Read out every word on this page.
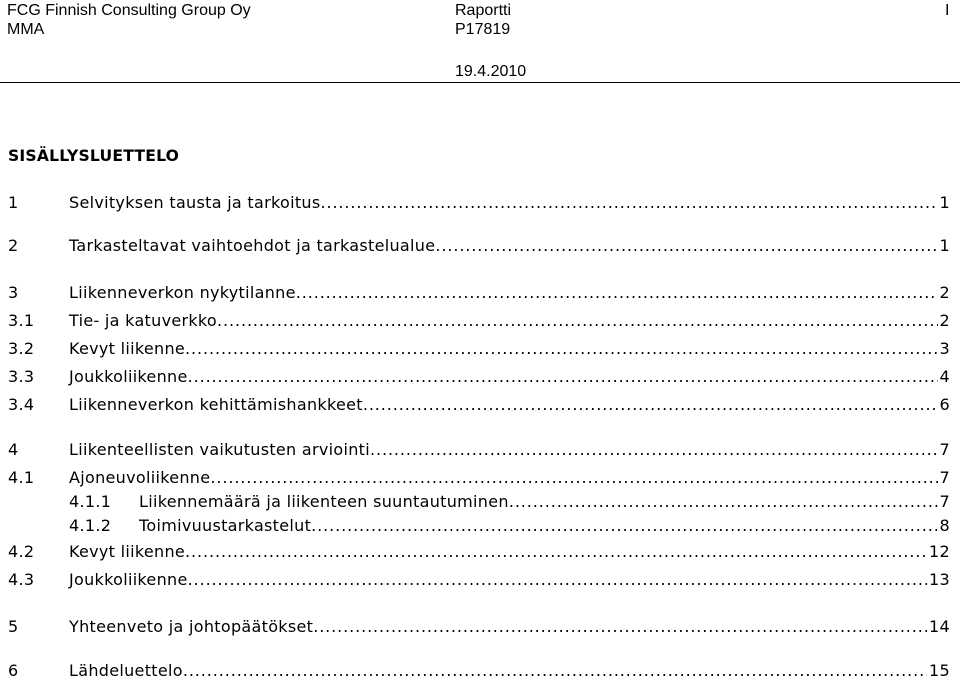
FCG Finnish Consulting Group Oy
MMA
Raportti
P17819
19.4.2010
I
SISÄLLYSLUETTELO
1	Selvityksen tausta ja tarkoitus .....	1
2	Tarkasteltavat vaihtoehdot ja tarkastelualue .....	1
3	Liikenneverkon nykytilanne .....	2
3.1 Tie- ja katuverkko .....	2
3.2 Kevyt liikenne .....	3
3.3 Joukkoliikenne .....	4
3.4 Liikenneverkon kehittämishankkeet .....	6
4	Liikenteellisten vaikutusten arviointi .....	7
4.1 Ajoneuvoliikenne .....	7
4.1.1 Liikennemäärä ja liikenteen suuntautuminen .....	7
4.1.2 Toimivuustarkastelut .....	8
4.2 Kevyt liikenne .....	12
4.3 Joukkoliikenne .....	13
5	Yhteenveto ja johtopäätökset .....	14
6	Lähdeluettelo .....	15
